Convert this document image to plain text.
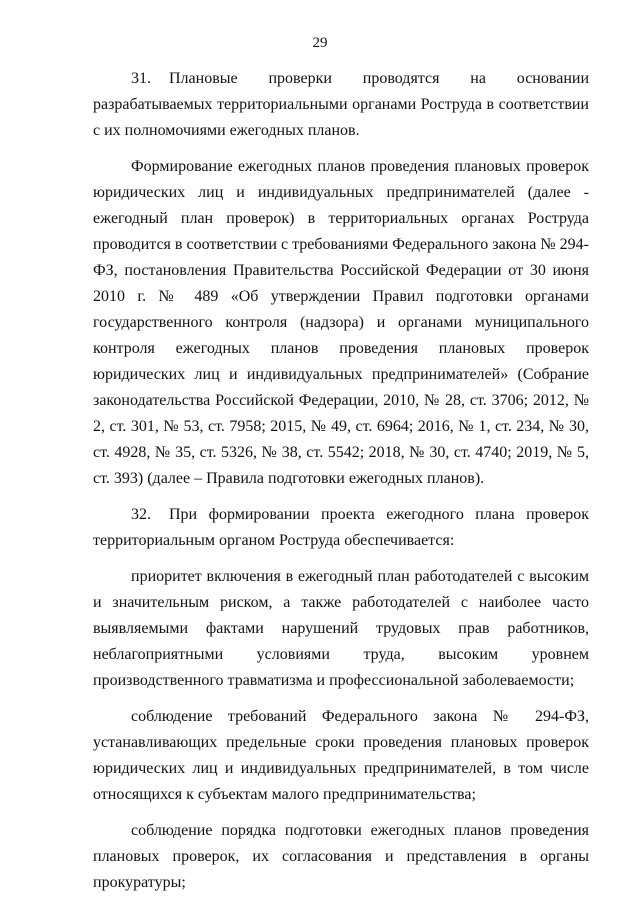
29

31. Плановые проверки проводятся на основании разрабатываемых территориальными органами Роструда в соответствии с их полномочиями ежегодных планов.

Формирование ежегодных планов проведения плановых проверок юридических лиц и индивидуальных предпринимателей (далее - ежегодный план проверок) в территориальных органах Роструда проводится в соответствии с требованиями Федерального закона № 294-ФЗ, постановления Правительства Российской Федерации от 30 июня 2010 г. № 489 «Об утверждении Правил подготовки органами государственного контроля (надзора) и органами муниципального контроля ежегодных планов проведения плановых проверок юридических лиц и индивидуальных предпринимателей» (Собрание законодательства Российской Федерации, 2010, № 28, ст. 3706; 2012, № 2, ст. 301, № 53, ст. 7958; 2015, № 49, ст. 6964; 2016, № 1, ст. 234, № 30, ст. 4928, № 35, ст. 5326, № 38, ст. 5542; 2018, № 30, ст. 4740; 2019, № 5, ст. 393) (далее – Правила подготовки ежегодных планов).

32. При формировании проекта ежегодного плана проверок территориальным органом Роструда обеспечивается:

приоритет включения в ежегодный план работодателей с высоким и значительным риском, а также работодателей с наиболее часто выявляемыми фактами нарушений трудовых прав работников, неблагоприятными условиями труда, высоким уровнем производственного травматизма и профессиональной заболеваемости;

соблюдение требований Федерального закона № 294-ФЗ, устанавливающих предельные сроки проведения плановых проверок юридических лиц и индивидуальных предпринимателей, в том числе относящихся к субъектам малого предпринимательства;

соблюдение порядка подготовки ежегодных планов проведения плановых проверок, их согласования и представления в органы прокуратуры;
